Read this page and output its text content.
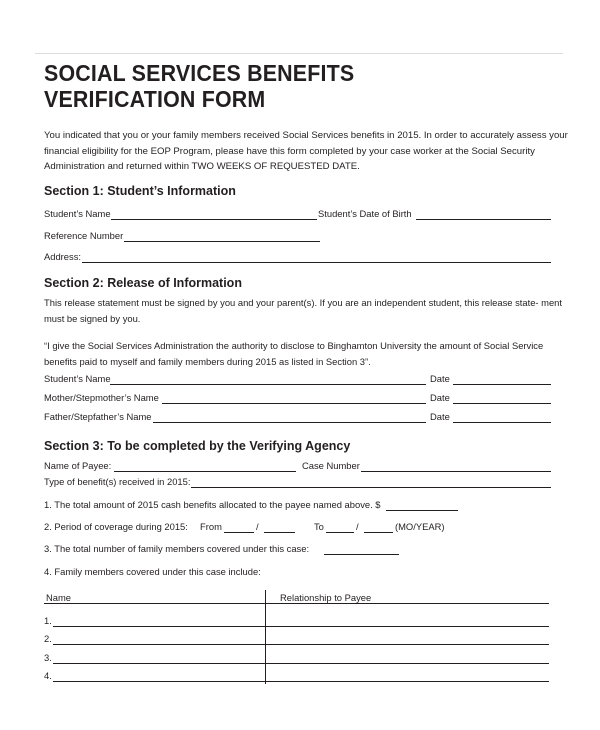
SOCIAL SERVICES BENEFITS
VERIFICATION FORM
You indicated that you or your family members received Social Services benefits in 2015. In order to accurately assess your financial eligibility for the EOP Program, please have this form completed by your case worker at the Social Security Administration and returned within TWO WEEKS OF REQUESTED DATE.
Section 1: Student’s Information
Student’s Name	Student’s Date of Birth
Reference Number
Address:
Section 2: Release of Information
This release statement must be signed by you and your parent(s). If you are an independent student, this release state- ment must be signed by you.
“I give the Social Services Administration the authority to disclose to Binghamton University the amount of Social Service benefits paid to myself and family members during 2015 as listed in Section 3”.
Student’s Name	Date
Mother/Stepmother’s Name	Date
Father/Stepfather’s Name	Date
Section 3: To be completed by the Verifying Agency
Name of Payee:	Case Number
Type of benefit(s) received in 2015:
1. The total amount of 2015 cash benefits allocated to the payee named above. $
2. Period of coverage during 2015: From	/	To	/	(MO/YEAR)
3. The total number of family members covered under this case:
4. Family members covered under this case include:
Name	Relationship to Payee
1.
2.
3.
4.
